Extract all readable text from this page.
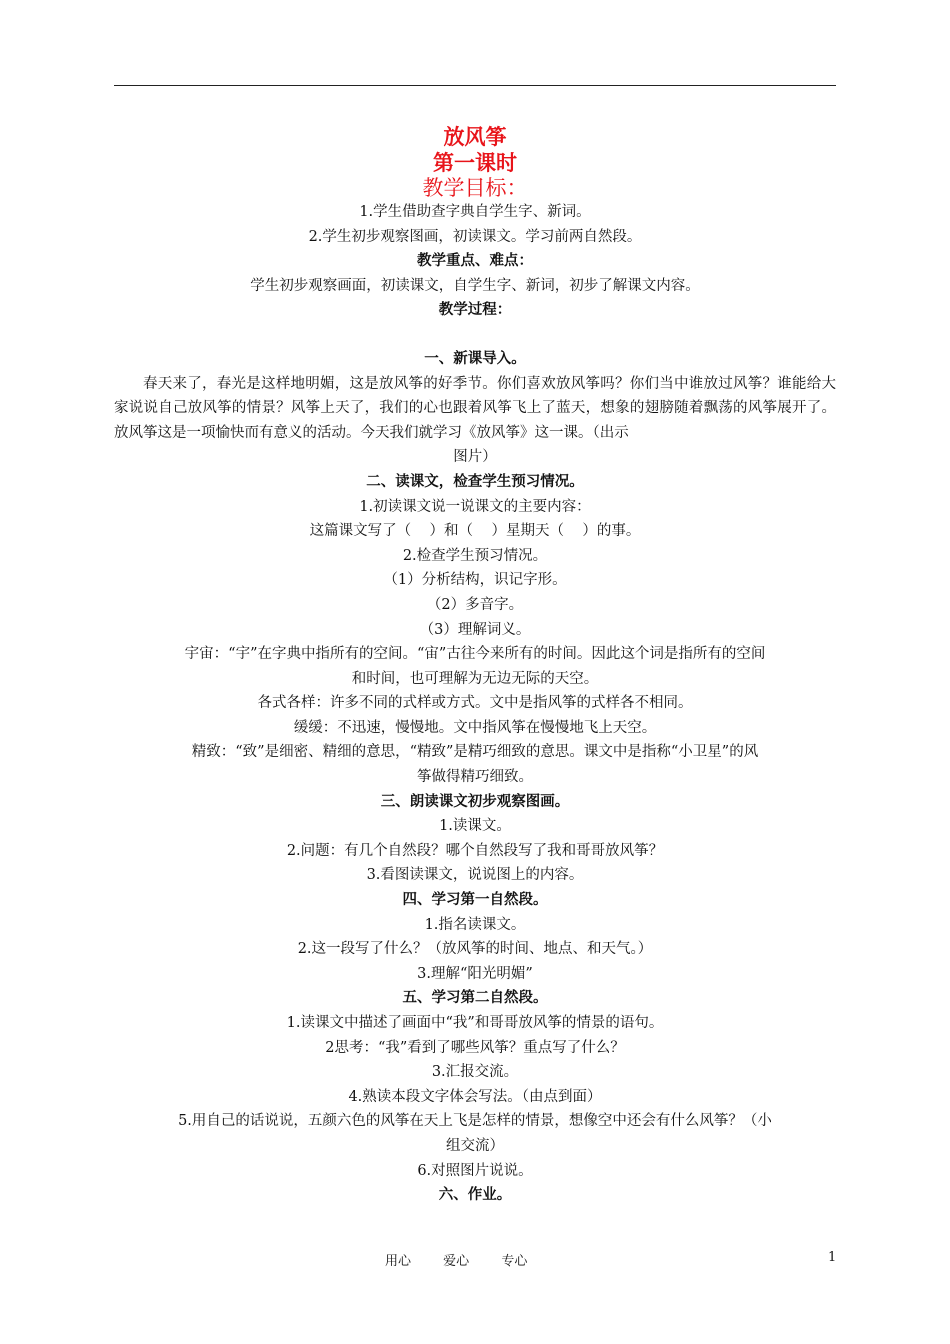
放风筝
第一课时
教学目标：
1.学生借助查字典自学生字、新词。
2.学生初步观察图画，初读课文。学习前两自然段。
教学重点、难点：
学生初步观察画面，初读课文，自学生字、新词，初步了解课文内容。
教学过程：
一、新课导入。
春天来了，春光是这样地明媚，这是放风筝的好季节。你们喜欢放风筝吗？你们当中谁放过风筝？谁能给大家说说自己放风筝的情景？风筝上天了，我们的心也跟着风筝飞上了蓝天，想象的翅膀随着飘荡的风筝展开了。放风筝这是一项愉快而有意义的活动。今天我们就学习《放风筝》这一课。（出示
图片）
二、读课文，检查学生预习情况。
1.初读课文说一说课文的主要内容：
这篇课文写了（    ）和（    ）星期天（    ）的事。
2.检查学生预习情况。
（1）分析结构，识记字形。
（2）多音字。
（3）理解词义。
宇宙：“宇”在字典中指所有的空间。“宙”古往今来所有的时间。因此这个词是指所有的空间
和时间，也可理解为无边无际的天空。
各式各样：许多不同的式样或方式。文中是指风筝的式样各不相同。
缓缓：不迅速，慢慢地。文中指风筝在慢慢地飞上天空。
精致：“致”是细密、精细的意思，“精致”是精巧细致的意思。课文中是指称“小卫星”的风
筝做得精巧细致。
三、朗读课文初步观察图画。
1.读课文。
2.问题：有几个自然段？哪个自然段写了我和哥哥放风筝？
3.看图读课文，说说图上的内容。
四、学习第一自然段。
1.指名读课文。
2.这一段写了什么？（放风筝的时间、地点、和天气。）
3.理解“阳光明媚”
五、学习第二自然段。
1.读课文中描述了画面中“我”和哥哥放风筝的情景的语句。
2思考：“我”看到了哪些风筝？重点写了什么？
3.汇报交流。
4.熟读本段文字体会写法。（由点到面）
5.用自己的话说说，五颜六色的风筝在天上飞是怎样的情景，想像空中还会有什么风筝？（小
组交流）
6.对照图片说说。
六、作业。
用心 爱心 专心	1
